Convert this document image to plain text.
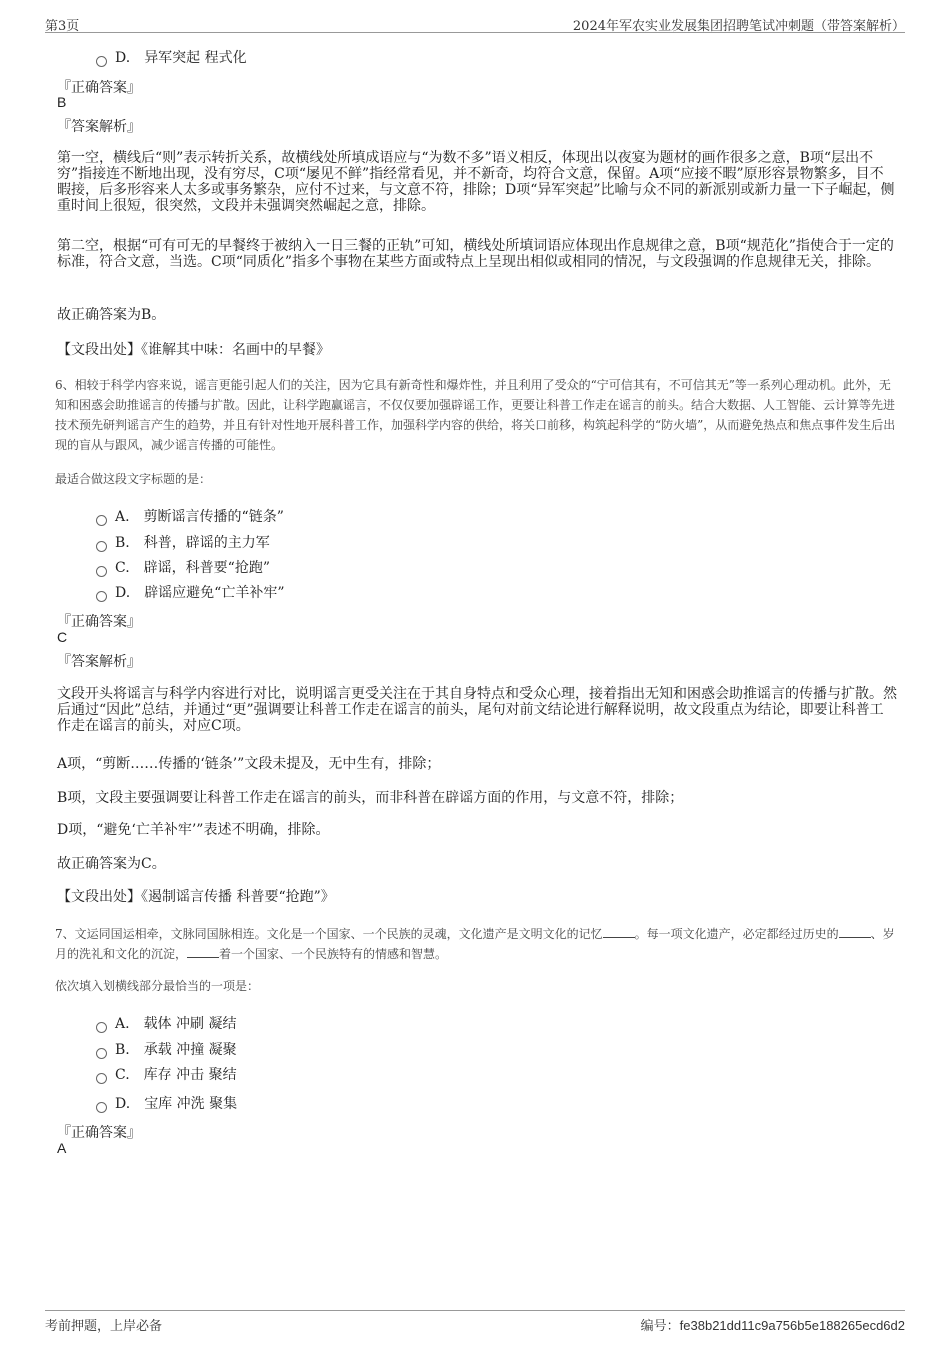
第3页	2024年军农实业发展集团招聘笔试冲刺题（带答案解析）
D. 异军突起 程式化
『正确答案』
B
『答案解析』
第一空，横线后“则”表示转折关系，故横线处所填成语应与“为数不多”语义相反，体现出以夜宴为题材的画作很多之意，B项“层出不穷”指接连不断地出现，没有穷尽，C项“屡见不鲜”指经常看见，并不新奇，均符合文意，保留。A项“应接不暇”原形容景物繁多，目不暇接，后多形容来人太多或事务繁杂，应付不过来，与文意不符，排除；D项“异军突起”比喻与众不同的新派别或新力量一下子崛起，侧重时间上很短，很突然，文段并未强调突然崛起之意，排除。
第二空，根据“可有可无的早餐终于被纳入一日三餐的正轨”可知，横线处所填词语应体现出作息规律之意，B项“规范化”指使合于一定的标准，符合文意，当选。C项“同质化”指多个事物在某些方面或特点上呈现出相似或相同的情况，与文段强调的作息规律无关，排除。
故正确答案为B。
【文段出处】《谁解其中味：名画中的早餐》
6、相较于科学内容来说，谣言更能引起人们的关注，因为它具有新奇性和爆炸性，并且利用了受众的“宁可信其有，不可信其无”等一系列心理动机。此外，无知和困惑会助推谣言的传播与扩散。因此，让科学跑赢谣言，不仅仅要加强辟谣工作，更要让科普工作走在谣言的前头。结合大数据、人工智能、云计算等先进技术预先研判谣言产生的趋势，并且有针对性地开展科普工作，加强科学内容的供给，将关口前移，构筑起科学的“防火墙”，从而避免热点和焦点事件发生后出现的盲从与跟风，减少谣言传播的可能性。
最适合做这段文字标题的是：
A. 剪断谣言传播的“链条”
B. 科普，辟谣的主力军
C. 辟谣，科普要“抢跑”
D. 辟谣应避免“亡羊补牢”
『正确答案』
C
『答案解析』
文段开头将谣言与科学内容进行对比，说明谣言更受关注在于其自身特点和受众心理，接着指出无知和困惑会助推谣言的传播与扩散。然后通过“因此”总结，并通过“更”强调要让科普工作走在谣言的前头，尾句对前文结论进行解释说明，故文段重点为结论，即要让科普工作走在谣言的前头，对应C项。
A项，“剪断……传播的‘链条’”文段未提及，无中生有，排除；
B项，文段主要强调要让科普工作走在谣言的前头，而非科普在辟谣方面的作用，与文意不符，排除；
D项，“避免‘亡羊补牢’”表述不明确，排除。
故正确答案为C。
【文段出处】《遏制谣言传播 科普要“抢跑”》
7、文运同国运相牵，文脉同国脉相连。文化是一个国家、一个民族的灵魂，文化遗产是文明文化的记忆	。每一项文化遗产，必定都经过历史的	、岁月的洗礼和文化的沉淀，	着一个国家、一个民族特有的情感和智慧。
依次填入划横线部分最恰当的一项是：
A. 载体 冲刷 凝结
B. 承载 冲撞 凝聚
C. 库存 冲击 聚结
D. 宝库 冲洗 聚集
『正确答案』
A
考前押题，上岸必备	编号：fe38b21dd11c9a756b5e188265ecd6d2
